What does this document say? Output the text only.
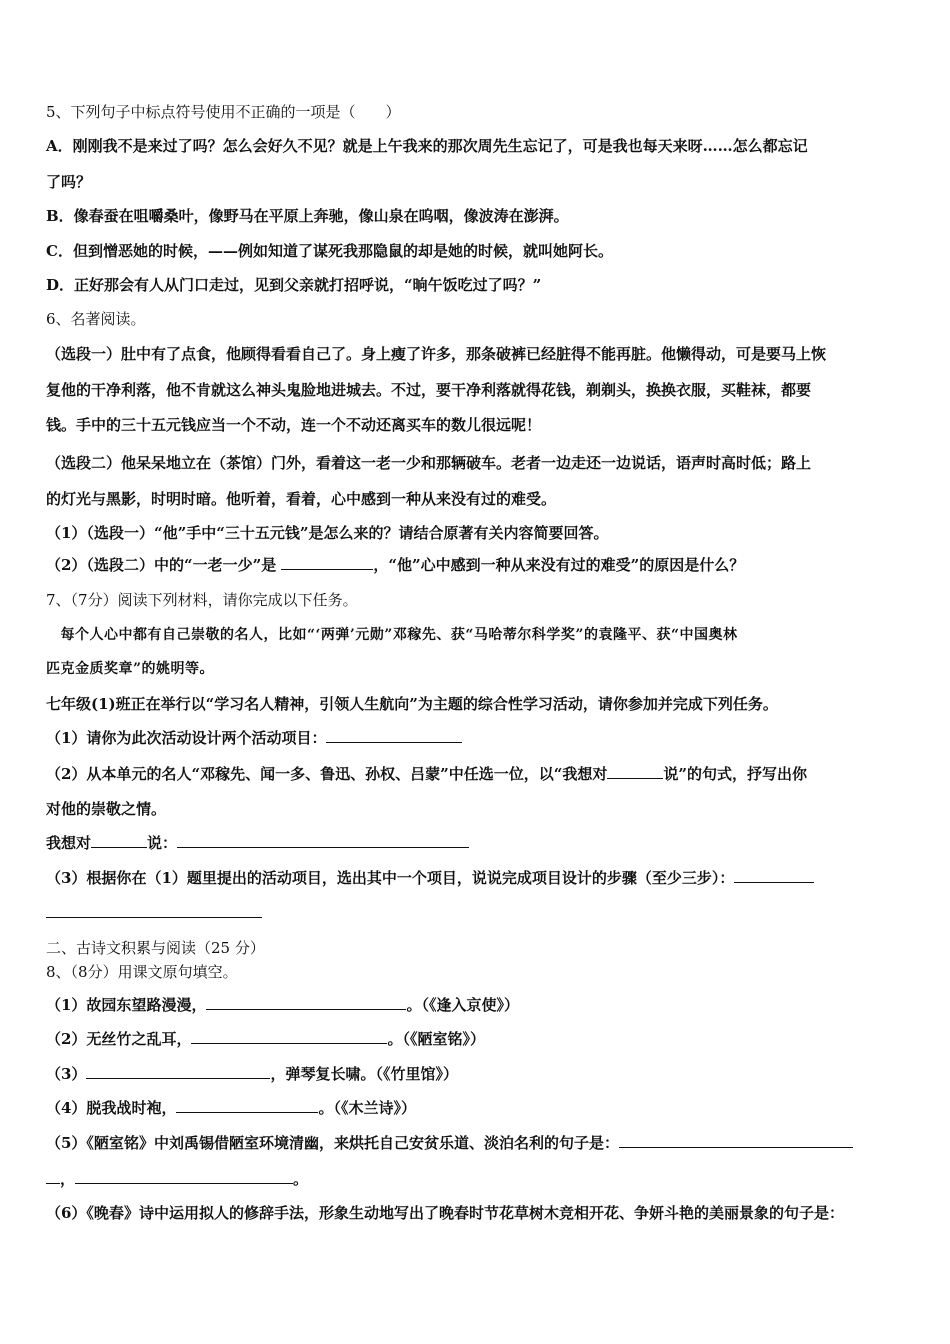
5、下列句子中标点符号使用不正确的一项是（　　）
A．刚刚我不是来过了吗？怎么会好久不见？就是上午我来的那次周先生忘记了，可是我也每天来呀……怎么都忘记
了吗？
B．像春蚕在咀嚼桑叶，像野马在平原上奔驰，像山泉在呜咽，像波涛在澎湃。
C．但到憎恶她的时候，——例如知道了谋死我那隐鼠的却是她的时候，就叫她阿长。
D．正好那会有人从门口走过，见到父亲就打招呼说，“晌午饭吃过了吗？”
6、名著阅读。
（选段一）肚中有了点食，他顾得看看自己了。身上瘦了许多，那条破裤已经脏得不能再脏。他懒得动，可是要马上恢
复他的干净利落，他不肯就这么神头鬼脸地进城去。不过，要干净利落就得花钱，剃剃头，换换衣服，买鞋袜，都要
钱。手中的三十五元钱应当一个不动，连一个不动还离买车的数儿很远呢！
（选段二）他呆呆地立在（茶馆）门外，看着这一老一少和那辆破车。老者一边走还一边说话，语声时高时低；路上
的灯光与黑影，时明时暗。他听着，看着，心中感到一种从来没有过的难受。
（1）（选段一）“他”手中“三十五元钱”是怎么来的？请结合原著有关内容简要回答。
（2）（选段二）中的“一老一少”是	，“他”心中感到一种从来没有过的难受”的原因是什么？
7、（7分）阅读下列材料，请你完成以下任务。
　每个人心中都有自己崇敬的名人，比如“‘两弹’元勋”邓稼先、获“马哈蒂尔科学奖”的袁隆平、获“中国奥林
匹克金质奖章”的姚明等。
七年级(1)班正在举行以“学习名人精神，引领人生航向”为主题的综合性学习活动，请你参加并完成下列任务。
（1）请你为此次活动设计两个活动项目：
（2）从本单元的名人“邓稼先、闻一多、鲁迅、孙权、吕蒙”中任选一位，以“我想对	说”的句式，抒写出你
对他的崇敬之情。
我想对	说：
（3）根据你在（1）题里提出的活动项目，选出其中一个项目，说说完成项目设计的步骤（至少三步）：
二、古诗文积累与阅读（25 分）
8、（8分）用课文原句填空。
（1）故园东望路漫漫，	。（《逢入京使》）
（2）无丝竹之乱耳，	。（《陋室铭》）
（3）	，弹琴复长啸。（《竹里馆》）
（4）脱我战时袍，	。（《木兰诗》）
（5）《陋室铭》中刘禹锡借陋室环境清幽，来烘托自己安贫乐道、淡泊名利的句子是：
，	。
（6）《晚春》诗中运用拟人的修辞手法，形象生动地写出了晚春时节花草树木竞相开花、争妍斗艳的美丽景象的句子是：
